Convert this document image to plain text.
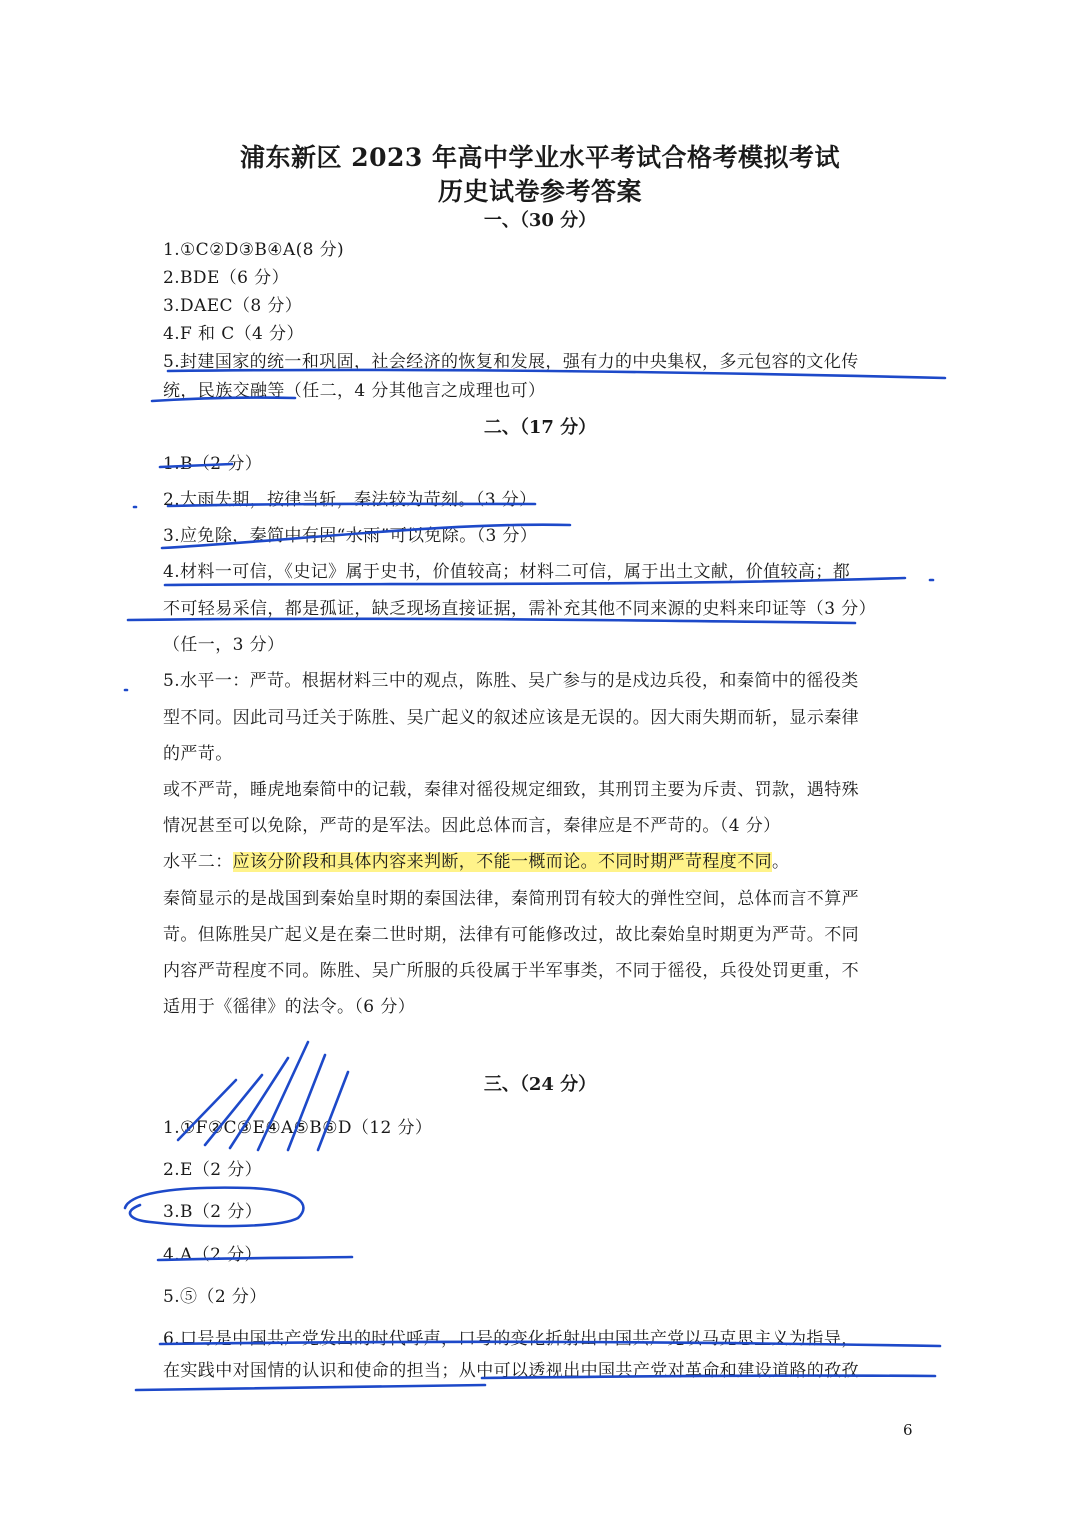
浦东新区 2023 年高中学业水平考试合格考模拟考试
历史试卷参考答案
一、（30 分）
1.①C②D③B④A(8 分)
2.BDE（6 分）
3.DAEC（8 分）
4.F 和 C（4 分）
5.封建国家的统一和巩固，社会经济的恢复和发展，强有力的中央集权，多元包容的文化传
统，民族交融等（任二，4 分其他言之成理也可）
二、（17 分）
1.B（2 分）
2.大雨失期，按律当斩，秦法较为苛刻。（3 分）
3.应免除，秦简中有因“水雨”可以免除。（3 分）
4.材料一可信，《史记》属于史书，价值较高；材料二可信，属于出土文献，价值较高；都
不可轻易采信，都是孤证，缺乏现场直接证据，需补充其他不同来源的史料来印证等（3 分）
（任一，3 分）
5.水平一：严苛。根据材料三中的观点，陈胜、吴广参与的是戍边兵役，和秦简中的徭役类
型不同。因此司马迁关于陈胜、吴广起义的叙述应该是无误的。因大雨失期而斩，显示秦律
的严苛。
或不严苛，睡虎地秦简中的记载，秦律对徭役规定细致，其刑罚主要为斥责、罚款，遇特殊
情况甚至可以免除，严苛的是军法。因此总体而言，秦律应是不严苛的。（4 分）
水平二：应该分阶段和具体内容来判断，不能一概而论。不同时期严苛程度不同。
秦简显示的是战国到秦始皇时期的秦国法律，秦简刑罚有较大的弹性空间，总体而言不算严
苛。但陈胜吴广起义是在秦二世时期，法律有可能修改过，故比秦始皇时期更为严苛。不同
内容严苛程度不同。陈胜、吴广所服的兵役属于半军事类，不同于徭役，兵役处罚更重，不
适用于《徭律》的法令。（6 分）
三、（24 分）
1.①F②C③E④A⑤B⑥D（12 分）
2.E（2 分）
3.B（2 分）
4.A（2 分）
5.⑤（2 分）
6.口号是中国共产党发出的时代呼声，口号的变化折射出中国共产党以马克思主义为指导，
在实践中对国情的认识和使命的担当；从中可以透视出中国共产党对革命和建设道路的孜孜
6
